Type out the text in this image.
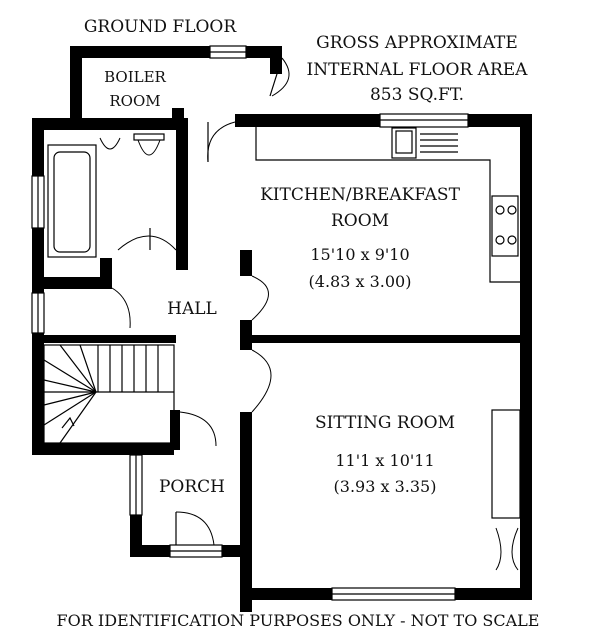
GROUND FLOOR
GROSS APPROXIMATE
INTERNAL FLOOR AREA
853 SQ.FT.
BOILER
ROOM
KITCHEN/BREAKFAST
ROOM
15'10 x 9'10
(4.83 x 3.00)
HALL
SITTING ROOM
11'1 x 10'11
(3.93 x 3.35)
PORCH
FOR IDENTIFICATION PURPOSES ONLY - NOT TO SCALE
